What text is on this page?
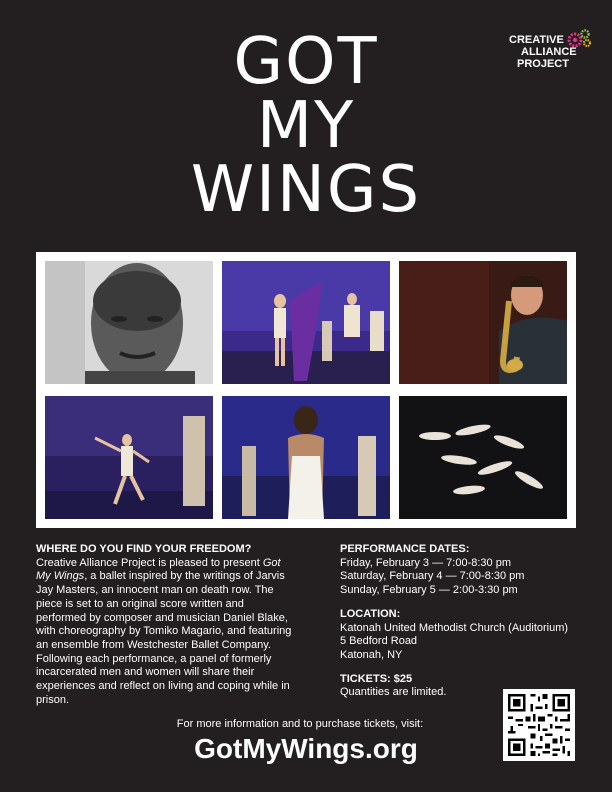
GOT
MY
WINGS
CREATIVE
ALLIANCE
PROJECT
WHERE DO YOU FIND YOUR FREEDOM?
Creative Alliance Project is pleased to present Got My Wings, a ballet inspired by the writings of Jarvis Jay Masters, an innocent man on death row. The piece is set to an original score written and performed by composer and musician Daniel Blake, with choreography by Tomiko Magario, and featuring an ensemble from Westchester Ballet Company. Following each performance, a panel of formerly incarcerated men and women will share their experiences and reflect on living and coping while in prison.
PERFORMANCE DATES:
Friday, February 3 — 7:00-8:30 pm
Saturday, February 4 — 7:00-8:30 pm
Sunday, February 5 — 2:00-3:30 pm
LOCATION:
Katonah United Methodist Church (Auditorium)
5 Bedford Road
Katonah, NY
TICKETS: $25
Quantities are limited.
For more information and to purchase tickets, visit:
GotMyWings.org
